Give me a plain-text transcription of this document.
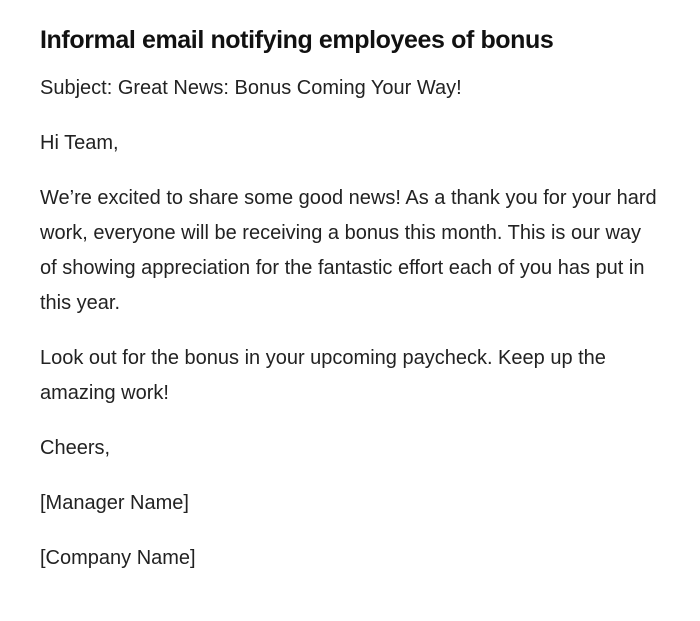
Informal email notifying employees of bonus

Subject: Great News: Bonus Coming Your Way!

Hi Team,

We’re excited to share some good news! As a thank you for your hard work, everyone will be receiving a bonus this month. This is our way of showing appreciation for the fantastic effort each of you has put in this year.

Look out for the bonus in your upcoming paycheck. Keep up the amazing work!

Cheers,

[Manager Name]

[Company Name]
